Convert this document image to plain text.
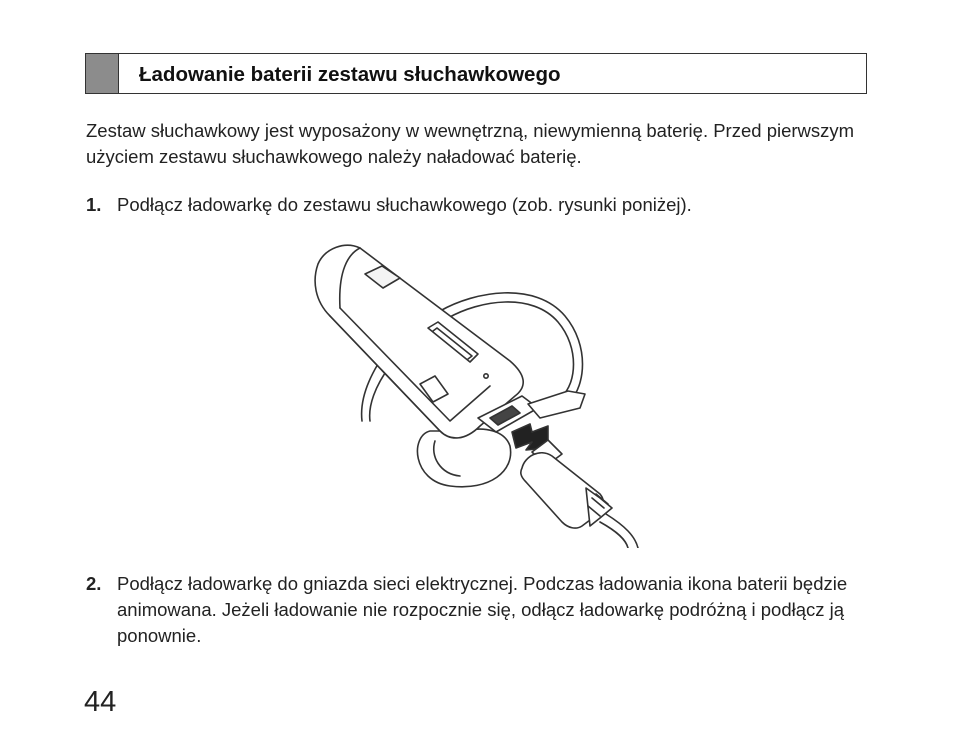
Ładowanie baterii zestawu słuchawkowego
Zestaw słuchawkowy jest wyposażony w wewnętrzną, niewymienną baterię. Przed pierwszym użyciem zestawu słuchawkowego należy naładować baterię.
1. Podłącz ładowarkę do zestawu słuchawkowego (zob. rysunki poniżej).
2. Podłącz ładowarkę do gniazda sieci elektrycznej. Podczas ładowania ikona baterii będzie animowana. Jeżeli ładowanie nie rozpocznie się, odłącz ładowarkę podróżną i podłącz ją ponownie.
44
